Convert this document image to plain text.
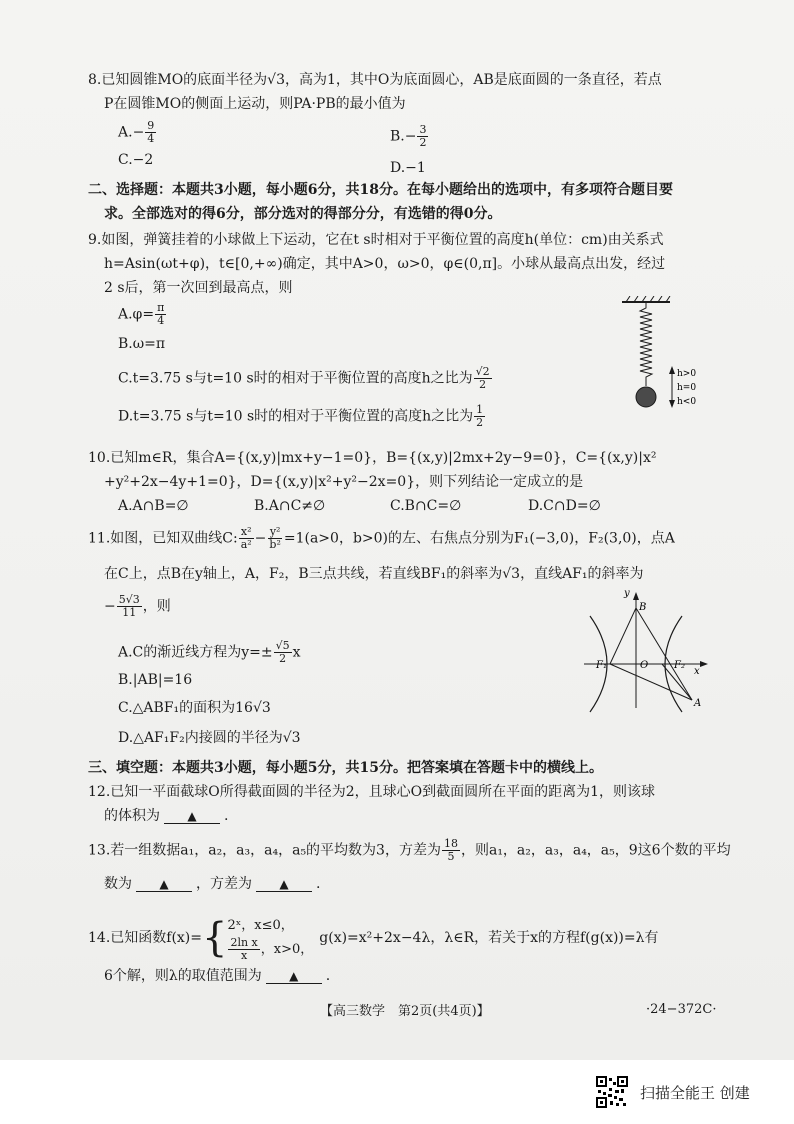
8.已知圆锥MO的底面半径为√3，高为1，其中O为底面圆心，AB是底面圆的一条直径，若点
P在圆锥MO的侧面上运动，则PA·PB的最小值为
$A.- \frac{9}{4}$	$B.- \frac{3}{2}$
C.−2	D.−1
二、选择题：本题共3小题，每小题6分，共18分。在每小题给出的选项中，有多项符合题目要
求。全部选对的得6分，部分选对的得部分分，有选错的得0分。
9.如图，弹簧挂着的小球做上下运动，它在t s时相对于平衡位置的高度h(单位：cm)由关系式
h=Asin(ωt+φ)，t∈[0,+∞)确定，其中A>0，ω>0，φ∈(0,π]。小球从最高点出发，经过
2 s后，第一次回到最高点，则
$A.\varphi= \frac{\pi}{4}$
B.ω=π
C.t=3.75 s与t=10 s时的相对于平衡位置的高度h之比为 $\frac{√2}{2}$
D.t=3.75 s与t=10 s时的相对于平衡位置的高度h之比为 $\frac{1}{2}$
h>0
h=0
h<0
10.已知m∈R，集合A={(x,y)|mx+y−1=0}，B={(x,y)|2mx+2y−9=0}，C={(x,y)|x²
+y²+2x−4y+1=0}，D={(x,y)|x²+y²−2x=0}，则下列结论一定成立的是
A.A∩B=∅	B.A∩C≠∅	C.B∩C=∅	D.C∩D=∅
11.如图，已知双曲线C: $\frac{\text{x²}}{\text{a²}} - \frac{\text{y²}}{\text{b²}} =1(a>0$，b>0)的左、右焦点分别为F₁(−3,0)，F₂(3,0)，点A
在C上，点B在y轴上，A，F₂，B三点共线，若直线BF₁的斜率为√3，直线AF₁的斜率为
− $\frac{5√3}{11}$ ，则
A.C的渐近线方程为$y=\pm \frac{√5}{2}$ x
B.|AB|=16
C.△ABF₁的面积为16√3
D.△AF₁F₂内接圆的半径为√3
y
B
F₁	O	F₂
x
A
三、填空题：本题共3小题，每小题5分，共15分。把答案填在答题卡中的横线上。
12.已知一平面截球O所得截面圆的半径为2，且球心O到截面圆所在平面的距离为1，则该球
的体积为 ▲ .
13.若一组数据a₁，a₂，a₃，a₄，a₅的平均数为3，方差为 $\frac{18}{5}$ ，则a₁，a₂，a₃，a₄，a₅，9这6个数的平均
数为 ▲ ，方差为 ▲ .
14.已知函数f(x)={ 2ˣ，x≤0，
$\frac{\text{2ln x}}{x}$ ，x>0，
g(x)=x²+2x−4λ，λ∈R，若关于x的方程f(g(x))=λ有
6个解，则λ的取值范围为 ▲ .
【高三数学　第2页(共4页)】	·24−372C·
扫描全能王 创建
